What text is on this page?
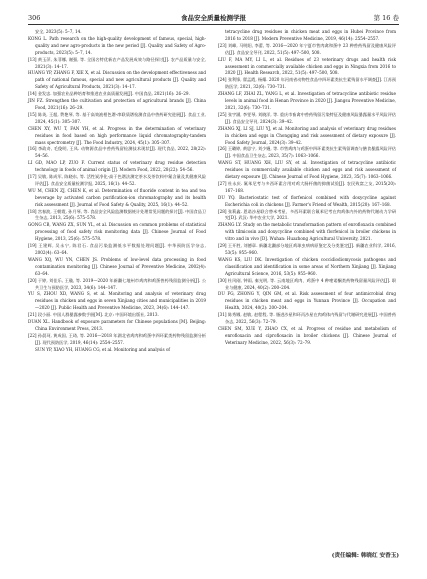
306	食品安全质量检测学报	第 16 卷

安全, 2023(5): 5–7, 14.

KONG L. Path research on the high-quality development of famous, special, high-quality and new agro-products in the new period [J]. Quality and Safety of Agro-products, 2023(5): 5–7, 14.

[13] 黄玉萍, 朱菲娜, 谢强, 等. 全国名特优新农产品发展成效与路径探讨[J]. 农产品质量与安全, 2021(3): 14–17.

HUANG YP, ZHANG F, XIE X, et al. Discussion on the development effectiveness and path of national famous, special and new agricultural products [J]. Quality and Safety of Agricultural Products, 2021(3): 14–17.

[14] 金发忠. 加强农业品种培育和推进农业高质量发展[J]. 中国食品, 2021(16): 26–29.

JIN FZ. Strengthen the cultivation and protection of agricultural brands [J]. China Food, 2021(16): 26–29.

[15] 陈英, 王超, 费艳琴, 等. 基于高效液相色谱-串联质谱检测食品中兽药研究进展[J]. 食品工业, 2024, 45(1): 305–307.

CHEN XY, WU T, FAN YH, et al. Progress in the determination of veterinary residues in food based on high performance liquid chromatography-tandem mass spectrometry [J]. The Food Industry, 2024, 45(1): 305–307.

[16] 李政奇, 毛俊明, 王凤. 动物源食品中兽药残留检测技术现状[J]. 现代食品, 2022, 28(22): 54–56.

LI GD, MAO LP, ZUO F. Current status of veterinary drug residue detection technology in foods of animal origin [J]. Modern Food, 2022, 28(22): 54–56.

[17] 吴敏, 陈成军, 陈晓东, 等. 活性炭净化-高于色谱法测定茶水及茶饮料中氟含量及其健康风险评估[J]. 食品安全质量检测学报, 2025, 16(1): 44–52.

WU M, CHEN ZJ, CHEN K, et al. Determination of fluoride content in tea and tea beverage by activated carbon purification-ion chromatography and its health risk assessment [J]. Journal of Food Safety & Quality, 2025, 16(1): 44–52.

[18] 宫春波, 王朝霞, 孙月琴, 等. 食品安全风险监测数据统计处理常见问题的探讨[J]. 中国食品卫生杂志, 2013, 25(6): 575–578.

GONG CB, WANG ZX, SUN YL, et al. Discussion on common problems of statistical processing of food safety risk monitoring data [J]. Chinese Journal of Food Hygiene, 2013, 25(6): 575–578.

[19] 王建辉, 吴永宁, 陈君石. 食品污染监测低水平数据处理问题[J]. 中华预防医学杂志, 2002(4): 63–64.

WANG XQ, WU YN, CHEN JS. Problems of low-level data processing in food contamination monitoring [J]. Chinese Journal of Preventive Medicine, 2002(4): 63–64.

[20] 于婷, 刘佳乐, 王璇, 等. 2019—2020 年新疆七地州市鸡肉和鸡蛋兽药残留监测分析[J]. 公共卫生与预防医学, 2023, 34(6): 144–147.

YU S, ZHOU XD, WANG S, et al. Monitoring and analysis of veterinary drug residues in chicken and eggs in seven Xinjiang cities and municipalities in 2019—2020 [J]. Public Health and Preventive Medicine, 2023, 34(6): 144–147.

[21] 段小丽. 中国人群暴露参数手册[M]. 北京: 中国环境出版社, 2013.

DUAN XL. Handbook of exposure parameters for Chinese populations [M]. Beijing: China Environment Press, 2013.

[22] 孙晨珂, 黄成国, 王琦, 等. 2016—2018 年湖北省鸡肉和鸡蛋中四环素类药物残留监测分析[J]. 现代预防医学, 2019, 46(14): 2554–2557.

SUN YP, XIAO YH, HUANG CG, et al. Monitoring and analysis of

tetracycline drug residues in chicken meat and eggs in Hubei Province from 2016 to 2018 [J]. Modern Preventive Medicine, 2019, 46(14): 2554–2557.

[23] 刘峰, 马明阳, 李蕾, 等. 2016—2020 年宁夏市售肉禽和蛋中 23 种兽药残留及健康风险评估[J]. 食品安全导刊, 2022, 51(5): 497–500, 508.

LIU F, MA MY, LI L, et al. Residues of 23 veterinary drugs and health risk assessment in commercially available chicken and eggs in Ningxia from 2016 to 2020 [J]. Health Research, 2022, 51(5): 497–500, 508.

[24] 张利锋, 翟孟霞, 杨耀. 2020 年河南省动物性食品中四环素类抗生素残留水平调查[J]. 江苏预防医学, 2021, 32(6): 730–731.

ZHANG LF, ZHAI ZL, YANG L, et al. Investigation of tetracycline antibiotic residue levels in animal food in Henan Province in 2020 [J]. Jiangsu Preventive Medicine, 2021, 32(6): 730–731.

[25] 张宇涵, 李雯琴, 刘晓洋, 等. 重庆市畜禽中兽药残留污染特征及健康风险暴露量水平风险评估[J]. 食品安全导刊, 2024(3): 39–42.

ZHANG XJ, LI SJ, LIU YJ, et al. Monitoring and analysis of veterinary drug residues in chicken and eggs in Chongqing and risk assessment of dietary exposure [J]. Food Safety Journal, 2024(3): 39–42.

[26] 王璐婷, 黄思宁, 刘少嫚, 等. 市售鸡肉与鸡蛋中四环素类抗生素残留调查与膳食暴露风险评估[J]. 中国食品卫生杂志, 2023, 35(7): 1063–1066.

WANG ST, HUANG XH, LIU SY, et al. Investigation of tetracycline antibiotic residues in commercially available chicken and eggs and risk assessment of dietary exposure [J]. Chinese Journal of Food Hygiene, 2023, 35(7): 1063–1066.

[27] 杜永庆. 氟苯尼考与多西环素合用对鸡大肠杆菌的抑菌试验[J]. 农民致富之友, 2015(20): 167–168.

DU YQ. Bacteriostatic test of florfenicol combined with doxycycline against Escherichia coli in chickens [J]. Farmer's Friend of Wealth, 2015(20): 167–168.

[28] 张莉鑫. 恩诺沙星联合替米考星、多西环素联合氟苯尼考在肉鸡体内外的药物代谢动力学研究[D]. 武汉: 华中农业大学, 2021.

ZHANG LY. Study on the metabolic transformation pattern of enrofloxacin combined with tilmicosin and doxycycline combined with florfenicol in broiler chickens in vitro and in vivo [D]. Wuhan: Huazhong Agricultural University, 2021.

[29] 王开胜, 刘德章. 新疆北疆部分地区鸡球虫病病原鉴定及分类鉴定[J]. 新疆农业科学, 2016, 53(5): 955–960.

WANG KS, LIU DK. Investigation of chicken coccidiodiomycosis pathogens and classification and identification in some areas of Northern Xinjiang [J]. Xinjiang Agricultural Science, 2016, 53(5): 955–960.

[30] 杜风刚, 钟雨, 秦光明, 等. 云南地区鸡肉、鸡蛋中 4 种喹诺酮类药物残留量风险评估[J]. 职业与健康, 2024, 40(2): 200–204.

DU FG, ZHONG Y, QIN GM, et al. Risk assessment of four antimicrobial drug residues in chicken meat and eggs in Yunnan Province [J]. Occupation and Health, 2024, 40(2): 200–204.

[31] 陈秀娜, 赵敏, 赵程程, 等. 脂进沙星和环丙沙星在肉鸡体内残留与代谢研究进展[J]. 中国兽药杂志, 2022, 56(3): 72–79.

CHEN SM, XUE Y, ZHAO CX, et al. Progress of residue and metabolism of enrofloxacin and ciprofloxacin in broiler chickens [J]. Chinese Journal of Veterinary Medicine, 2022, 56(3): 72–79.

(责任编辑: 韩晓红 安香玉)
